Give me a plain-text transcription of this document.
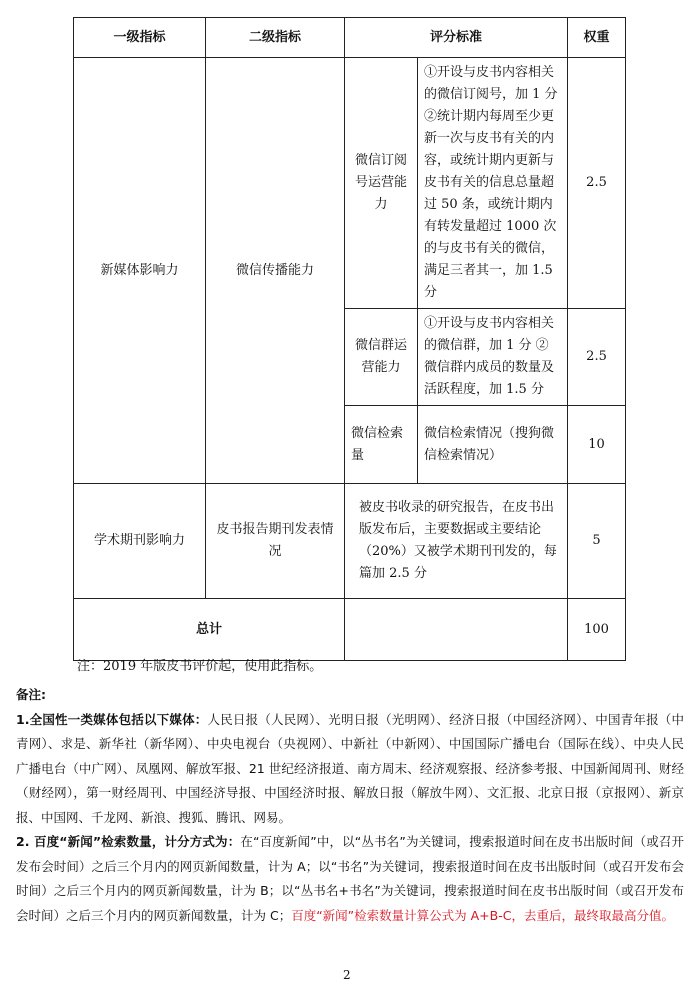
一级指标	二级指标	评分标准		权重
新媒体影响力	微信传播能力	微信订阅号运营能力	①开设与皮书内容相关的微信订阅号，加 1 分 ②统计期内每周至少更新一次与皮书有关的内容，或统计期内更新与皮书有关的信息总量超过 50 条，或统计期内有转发量超过 1000 次的与皮书有关的微信，满足三者其一，加 1.5 分	2.5
		微信群运营能力	①开设与皮书内容相关的微信群，加 1 分 ②微信群内成员的数量及活跃程度，加 1.5 分	2.5
		微信检索量	微信检索情况（搜狗微信检索情况）	10
学术期刊影响力	皮书报告期刊发表情况	被皮书收录的研究报告，在皮书出版发布后，主要数据或主要结论（20%）又被学术期刊刊发的，每篇加 2.5 分		5
总计				100
注：2019 年版皮书评价起，使用此指标。
备注:

1.全国性一类媒体包括以下媒体：人民日报（人民网）、光明日报（光明网）、经济日报（中国经济网）、中国青年报（中青网）、求是、新华社（新华网）、中央电视台（央视网）、中新社（中新网）、中国国际广播电台（国际在线）、中央人民广播电台（中广网）、凤凰网、解放军报、21 世纪经济报道、南方周末、经济观察报、经济参考报、中国新闻周刊、财经（财经网），第一财经周刊、中国经济导报、中国经济时报、解放日报（解放牛网）、文汇报、北京日报（京报网）、新京报、中国网、千龙网、新浪、搜狐、腾讯、网易。

2. 百度“新闻”检索数量，计分方式为：在“百度新闻”中，以“丛书名”为关键词，搜索报道时间在皮书出版时间（或召开发布会时间）之后三个月内的网页新闻数量，计为 A；以“书名”为关键词，搜索报道时间在皮书出版时间（或召开发布会时间）之后三个月内的网页新闻数量，计为 B；以“丛书名+书名”为关键词，搜索报道时间在皮书出版时间（或召开发布会时间）之后三个月内的网页新闻数量，计为 C；百度“新闻”检索数量计算公式为 A+B-C，去重后，最终取最高分值。

2
